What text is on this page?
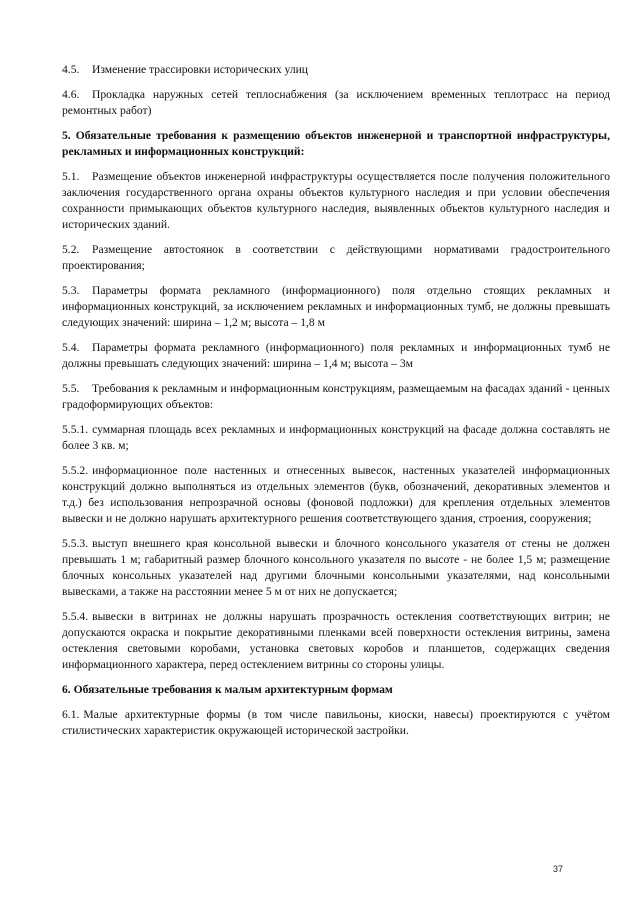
4.5. Изменение трассировки исторических улиц

4.6. Прокладка наружных сетей теплоснабжения (за исключением временных теплотрасс на период ремонтных работ)

5. Обязательные требования к размещению объектов инженерной и транспортной инфраструктуры, рекламных и информационных конструкций:

5.1. Размещение объектов инженерной инфраструктуры осуществляется после получения положительного заключения государственного органа охраны объектов культурного наследия и при условии обеспечения сохранности примыкающих объектов культурного наследия, выявленных объектов культурного наследия и исторических зданий.

5.2. Размещение автостоянок в соответствии с действующими нормативами градостроительного проектирования;

5.3. Параметры формата рекламного (информационного) поля отдельно стоящих рекламных и информационных конструкций, за исключением рекламных и информационных тумб, не должны превышать следующих значений: ширина – 1,2 м; высота – 1,8 м

5.4. Параметры формата рекламного (информационного) поля рекламных и информационных тумб не должны превышать следующих значений: ширина – 1,4 м; высота – 3м

5.5. Требования к рекламным и информационным конструкциям, размещаемым на фасадах зданий - ценных градоформирующих объектов:

5.5.1. суммарная площадь всех рекламных и информационных конструкций на фасаде должна составлять не более 3 кв. м;

5.5.2. информационное поле настенных и отнесенных вывесок, настенных указателей информационных конструкций должно выполняться из отдельных элементов (букв, обозначений, декоративных элементов и т.д.) без использования непрозрачной основы (фоновой подложки) для крепления отдельных элементов вывески и не должно нарушать архитектурного решения соответствующего здания, строения, сооружения;

5.5.3. выступ внешнего края консольной вывески и блочного консольного указателя от стены не должен превышать 1 м; габаритный размер блочного консольного указателя по высоте - не более 1,5 м; размещение блочных консольных указателей над другими блочными консольными указателями, над консольными вывесками, а также на расстоянии менее 5 м от них не допускается;

5.5.4. вывески в витринах не должны нарушать прозрачность остекления соответствующих витрин; не допускаются окраска и покрытие декоративными пленками всей поверхности остекления витрины, замена остекления световыми коробами, установка световых коробов и планшетов, содержащих сведения информационного характера, перед остеклением витрины со стороны улицы.

6. Обязательные требования к малым архитектурным формам

6.1. Малые архитектурные формы (в том числе павильоны, киоски, навесы) проектируются с учётом стилистических характеристик окружающей исторической застройки.

37
